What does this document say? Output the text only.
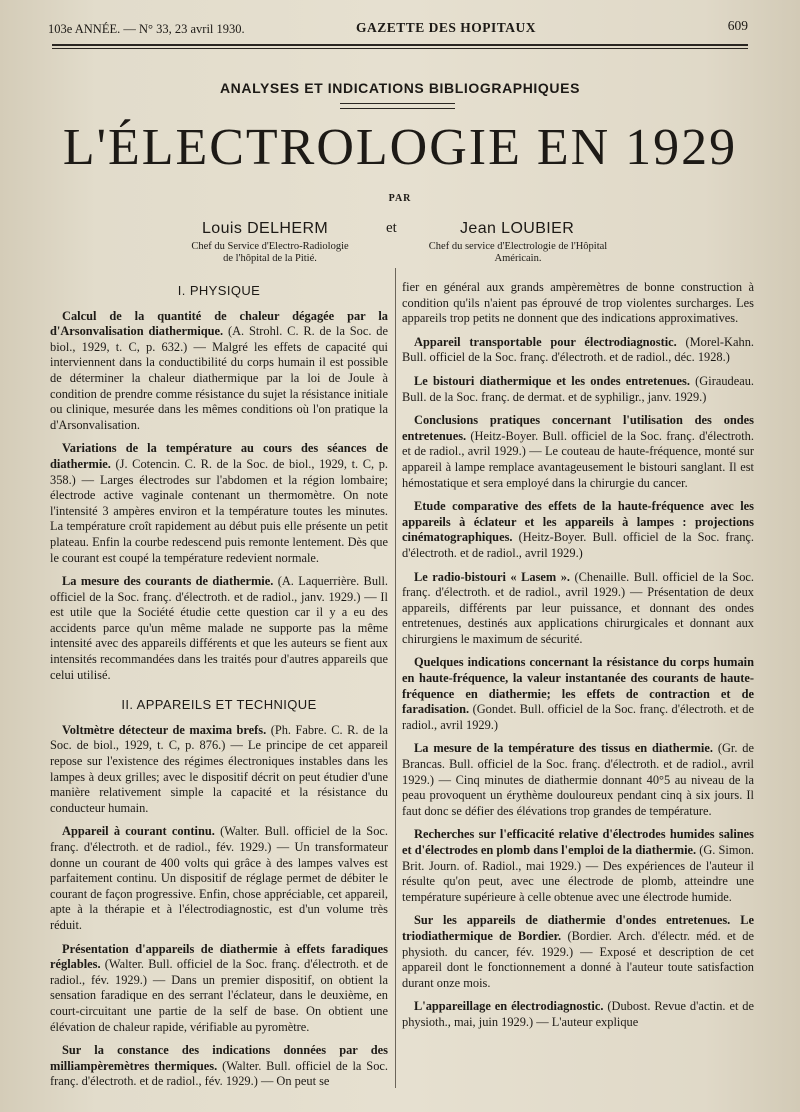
103e ANNÉE. — N° 33, 23 avril 1930.	GAZETTE DES HOPITAUX	609
ANALYSES ET INDICATIONS BIBLIOGRAPHIQUES
L'ÉLECTROLOGIE EN 1929
PAR
Louis DELHERM	et	Jean LOUBIER
Chef du Service d'Electro-Radiologie
de l'hôpital de la Pitié.
Chef du service d'Electrologie de l'Hôpital
Américain.
I. PHYSIQUE
Calcul de la quantité de chaleur dégagée par la d'Arsonvalisation diathermique. (A. Strohl. C. R. de la Soc. de biol., 1929, t. C, p. 632.) — Malgré les effets de capacité qui interviennent dans la conductibilité du corps humain il est possible de déterminer la chaleur diathermique par la loi de Joule à condition de prendre comme résistance du sujet la résistance initiale ou clinique, mesurée dans les mêmes conditions où l'on pratique la d'Arsonvalisation.
Variations de la température au cours des séances de diathermie. (J. Cotencin. C. R. de la Soc. de biol., 1929, t. C, p. 358.) — Larges électrodes sur l'abdomen et la région lombaire; électrode active vaginale contenant un thermomètre. On note l'intensité 3 ampères environ et la température toutes les minutes. La température croît rapidement au début puis elle présente un petit plateau. Enfin la courbe redescend puis remonte lentement. Dès que le courant est coupé la température redevient normale.
La mesure des courants de diathermie. (A. Laquerrière. Bull. officiel de la Soc. franç. d'électroth. et de radiol., janv. 1929.) — Il est utile que la Société étudie cette question car il y a eu des accidents parce qu'un même malade ne supporte pas la même intensité avec des appareils différents et que les auteurs se fient aux intensités recommandées dans les traités pour d'autres appareils que celui utilisé.
II. APPAREILS ET TECHNIQUE
Voltmètre détecteur de maxima brefs. (Ph. Fabre. C. R. de la Soc. de biol., 1929, t. C, p. 876.) — Le principe de cet appareil repose sur l'existence des régimes électroniques instables dans les lampes à deux grilles; avec le dispositif décrit on peut étudier d'une manière relativement simple la capacité et la résistance du conducteur humain.
Appareil à courant continu. (Walter. Bull. officiel de la Soc. franç. d'électroth. et de radiol., fév. 1929.) — Un transformateur donne un courant de 400 volts qui grâce à des lampes valves est parfaitement continu. Un dispositif de réglage permet de débiter le courant de façon progressive. Enfin, chose appréciable, cet appareil, apte à la thérapie et à l'électrodiagnostic, est d'un volume très réduit.
Présentation d'appareils de diathermie à effets faradiques réglables. (Walter. Bull. officiel de la Soc. franç. d'électroth. et de radiol., fév. 1929.) — Dans un premier dispositif, on obtient la sensation faradique en des serrant l'éclateur, dans le deuxième, en court-circuitant une partie de la self de base. On obtient une élévation de chaleur rapide, vérifiable au pyromètre.
Sur la constance des indications données par des milliampèremètres thermiques. (Walter. Bull. officiel de la Soc. franç. d'électroth. et de radiol., fév. 1929.) — On peut se
fier en général aux grands ampèremètres de bonne construction à condition qu'ils n'aient pas éprouvé de trop violentes surcharges. Les appareils trop petits ne donnent que des indications approximatives.
Appareil transportable pour électrodiagnostic. (Morel-Kahn. Bull. officiel de la Soc. franç. d'électroth. et de radiol., déc. 1928.)
Le bistouri diathermique et les ondes entretenues. (Giraudeau. Bull. de la Soc. franç. de dermat. et de syphiligr., janv. 1929.)
Conclusions pratiques concernant l'utilisation des ondes entretenues. (Heitz-Boyer. Bull. officiel de la Soc. franç. d'électroth. et de radiol., avril 1929.) — Le couteau de haute-fréquence, monté sur appareil à lampe remplace avantageusement le bistouri sanglant. Il est hémostatique et sera employé dans la chirurgie du cancer.
Etude comparative des effets de la haute-fréquence avec les appareils à éclateur et les appareils à lampes : projections cinématographiques. (Heitz-Boyer. Bull. officiel de la Soc. franç. d'électroth. et de radiol., avril 1929.)
Le radio-bistouri « Lasem ». (Chenaille. Bull. officiel de la Soc. franç. d'électroth. et de radiol., avril 1929.) — Présentation de deux appareils, différents par leur puissance, et donnant des ondes entretenues, destinés aux applications chirurgicales et donnant aux chirurgiens le maximum de sécurité.
Quelques indications concernant la résistance du corps humain en haute-fréquence, la valeur instantanée des courants de haute-fréquence en diathermie; les effets de contraction et de faradisation. (Gondet. Bull. officiel de la Soc. franç. d'électroth. et de radiol., avril 1929.)
La mesure de la température des tissus en diathermie. (Gr. de Brancas. Bull. officiel de la Soc. franç. d'électroth. et de radiol., avril 1929.) — Cinq minutes de diathermie donnant 40°5 au niveau de la peau provoquent un érythème douloureux pendant cinq à six jours. Il faut donc se défier des élévations trop grandes de température.
Recherches sur l'efficacité relative d'électrodes humides salines et d'électrodes en plomb dans l'emploi de la diathermie. (G. Simon. Brit. Journ. of. Radiol., mai 1929.) — Des expériences de l'auteur il résulte qu'on peut, avec une électrode de plomb, atteindre une température supérieure à celle obtenue avec une électrode humide.
Sur les appareils de diathermie d'ondes entretenues. Le triodiathermique de Bordier. (Bordier. Arch. d'électr. méd. et de physioth. du cancer, fév. 1929.) — Exposé et description de cet appareil dont le fonctionnement a donné à l'auteur toute satisfaction durant onze mois.
L'appareillage en électrodiagnostic. (Dubost. Revue d'actin. et de physioth., mai, juin 1929.) — L'auteur explique
